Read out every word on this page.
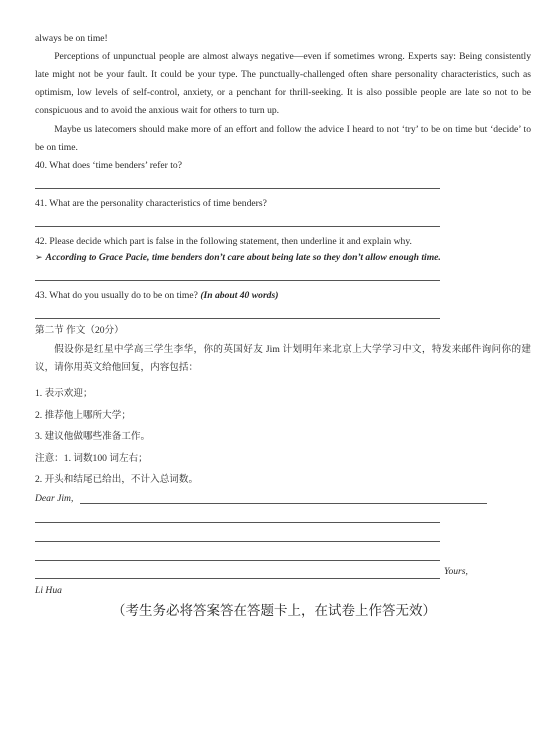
always be on time!

Perceptions of unpunctual people are almost always negative—even if sometimes wrong. Experts say: Being consistently late might not be your fault. It could be your type. The punctually-challenged often share personality characteristics, such as optimism, low levels of self-control, anxiety, or a penchant for thrill-seeking. It is also possible people are late so not to be conspicuous and to avoid the anxious wait for others to turn up.

Maybe us latecomers should make more of an effort and follow the advice I heard to not ‘try’ to be on time but ‘decide’ to be on time.

40. What does ‘time benders’ refer to?
41. What are the personality characteristics of time benders?
42. Please decide which part is false in the following statement, then underline it and explain why.
➢ According to Grace Pacie, time benders don’t care about being late so they don’t allow enough time.
43. What do you usually do to be on time? (In about 40 words)
第二节 作文（20分）

假设你是红星中学高三学生李华，你的英国好友 Jim 计划明年来北京上大学学习中文，特发来邮件询问你的建议，请你用英文给他回复，内容包括：

1. 表示欢迎；
2. 推荐他上哪所大学；
3. 建议他做哪些准备工作。
注意：1. 词数100 词左右；
2. 开头和结尾已给出，不计入总词数。
Dear Jim,
Yours,
Li Hua
（考生务必将答案答在答题卡上，在试卷上作答无效）
